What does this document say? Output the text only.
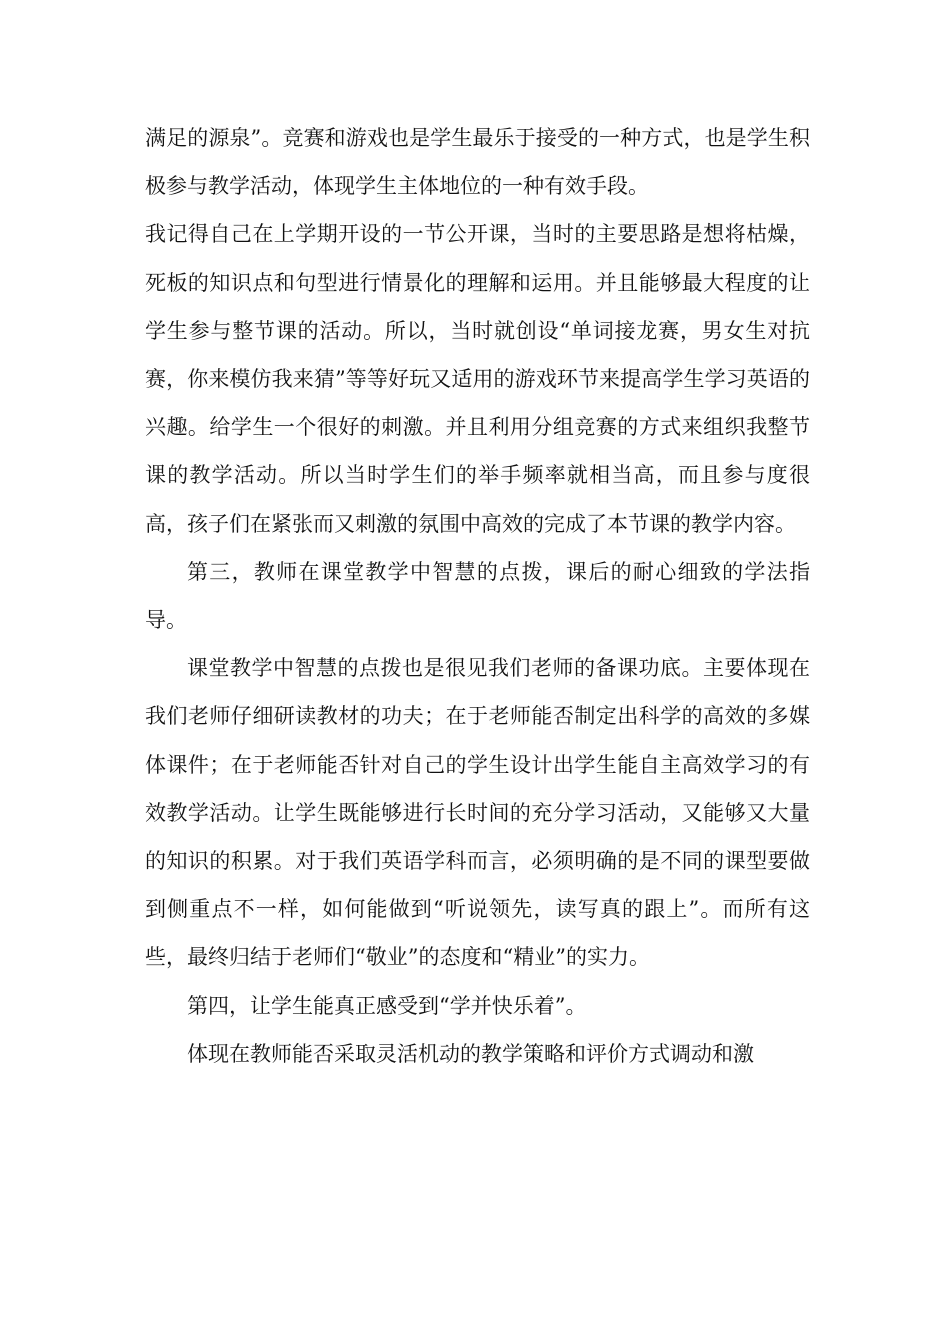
满足的源泉”。竞赛和游戏也是学生最乐于接受的一种方式，也是学生积极参与教学活动，体现学生主体地位的一种有效手段。

我记得自己在上学期开设的一节公开课，当时的主要思路是想将枯燥，死板的知识点和句型进行情景化的理解和运用。并且能够最大程度的让学生参与整节课的活动。所以，当时就创设“单词接龙赛，男女生对抗赛，你来模仿我来猜”等等好玩又适用的游戏环节来提高学生学习英语的兴趣。给学生一个很好的刺激。并且利用分组竞赛的方式来组织我整节课的教学活动。所以当时学生们的举手频率就相当高，而且参与度很高，孩子们在紧张而又刺激的氛围中高效的完成了本节课的教学内容。

第三，教师在课堂教学中智慧的点拨，课后的耐心细致的学法指导。

课堂教学中智慧的点拨也是很见我们老师的备课功底。主要体现在我们老师仔细研读教材的功夫；在于老师能否制定出科学的高效的多媒体课件；在于老师能否针对自己的学生设计出学生能自主高效学习的有效教学活动。让学生既能够进行长时间的充分学习活动，又能够又大量的知识的积累。对于我们英语学科而言，必须明确的是不同的课型要做到侧重点不一样，如何能做到“听说领先，读写真的跟上”。而所有这些，最终归结于老师们“敬业”的态度和“精业”的实力。

第四，让学生能真正感受到“学并快乐着”。

体现在教师能否采取灵活机动的教学策略和评价方式调动和激
